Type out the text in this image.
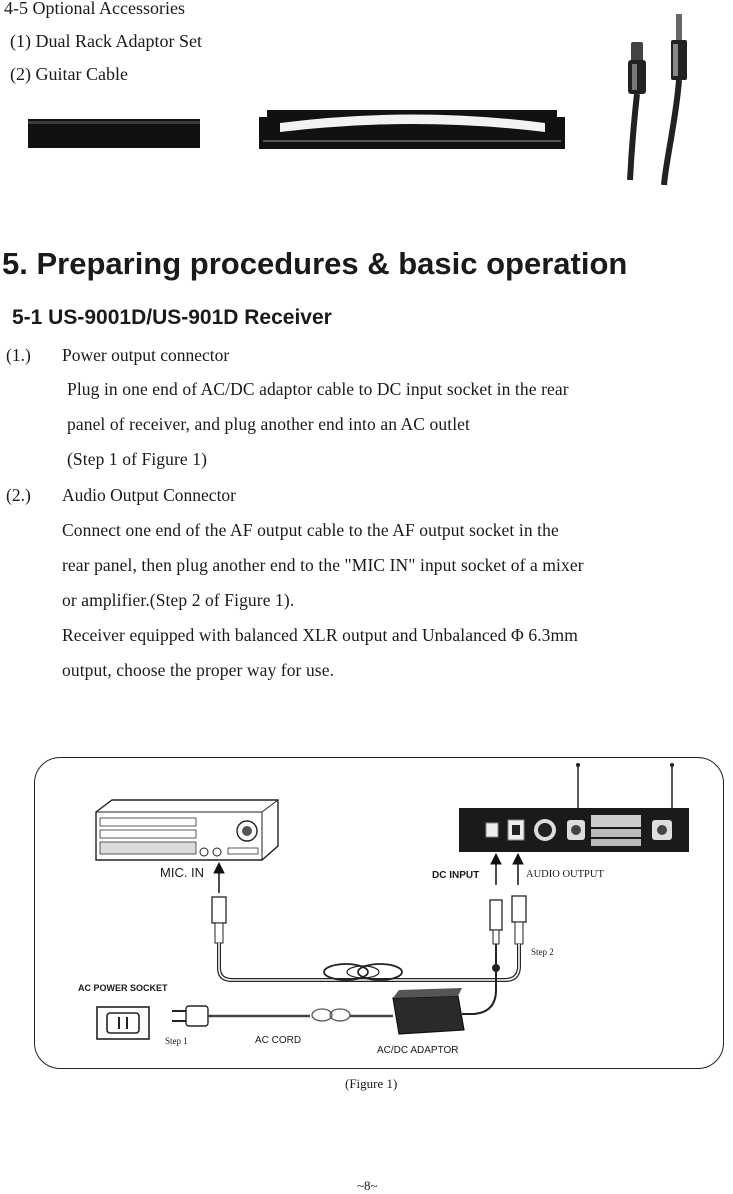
4-5 Optional Accessories
(1) Dual Rack Adaptor Set
(2) Guitar Cable
5. Preparing procedures & basic operation
5-1 US-9001D/US-901D Receiver
(1.) Power output connector
Plug in one end of AC/DC adaptor cable to DC input socket in the rear
panel of receiver, and plug another end into an AC outlet
(Step 1 of Figure 1)
(2.) Audio Output Connector
Connect one end of the AF output cable to the AF output socket in the
rear panel, then plug another end to the "MIC IN" input socket of a mixer
or amplifier.(Step 2 of Figure 1).
Receiver equipped with balanced XLR output and Unbalanced Φ 6.3mm
output, choose the proper way for use.
MIC. IN	DC INPUT	AUDIO OUTPUT
Step 2
AC POWER SOCKET
Step 1	AC CORD
AC/DC ADAPTOR
(Figure 1)
~8~
